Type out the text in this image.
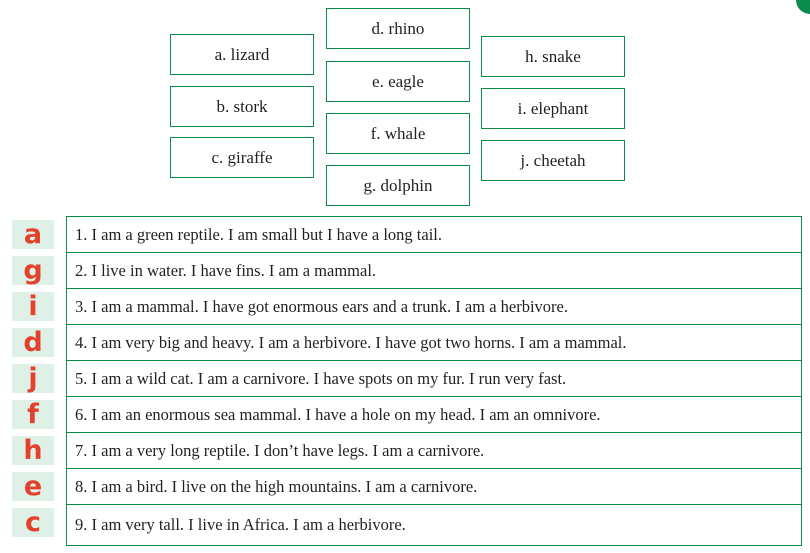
a. lizard
b. stork
c. giraffe
d. rhino
e. eagle
f. whale
g. dolphin
h. snake
i. elephant
j. cheetah
a
g
i
d
j
f
h
e
c
1. I am a green reptile. I am small but I have a long tail.
2. I live in water. I have fins. I am a mammal.
3. I am a mammal. I have got enormous ears and a trunk. I am a herbivore.
4. I am very big and heavy. I am a herbivore. I have got two horns. I am a mammal.
5. I am a wild cat. I am a carnivore. I have spots on my fur. I run very fast.
6. I am an enormous sea mammal. I have a hole on my head. I am an omnivore.
7. I am a very long reptile. I don’t have legs. I am a carnivore.
8. I am a bird. I live on the high mountains. I am a carnivore.
9. I am very tall. I live in Africa. I am a herbivore.
